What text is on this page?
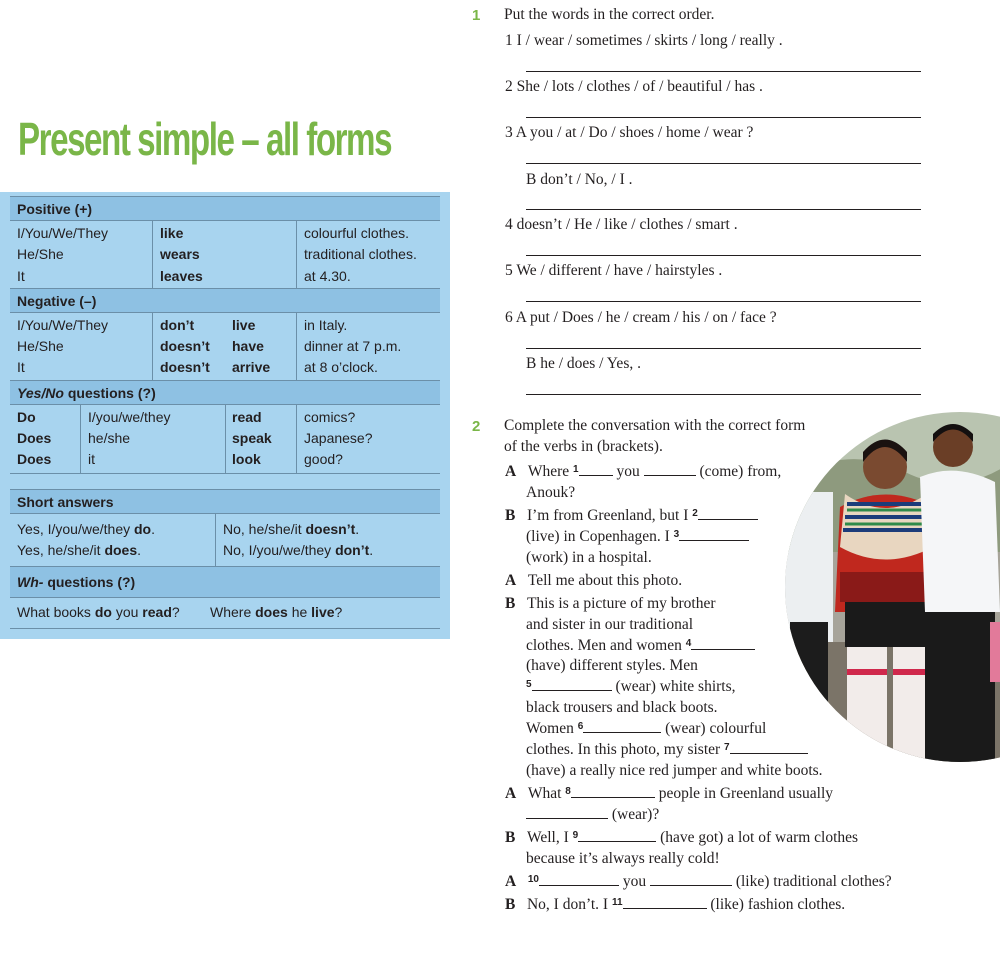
Present simple – all forms
Positive (+)
I/You/We/They	like	colourful clothes.
He/She	wears	traditional clothes.
It	leaves	at 4.30.
Negative (–)
I/You/We/They	don’t	live	in Italy.
He/She	doesn’t	have	dinner at 7 p.m.
It	doesn’t	arrive	at 8 o’clock.
Yes/No questions (?)
Do	I/you/we/they	read	comics?
Does	he/she	speak	Japanese?
Does	it	look	good?
Short answers
Yes, I/you/we/they do.	No, he/she/it doesn’t.
Yes, he/she/it does.	No, I/you/we/they don’t.
Wh- questions (?)
What books do you read?	Where does he live?
1 Put the words in the correct order.
1 I / wear / sometimes / skirts / long / really .
2 She / lots / clothes / of / beautiful / has .
3 A you / at / Do / shoes / home / wear ?
B don’t / No, / I .
4 doesn’t / He / like / clothes / smart .
5 We / different / have / hairstyles .
6 A put / Does / he / cream / his / on / face ?
B he / does / Yes, .
2 Complete the conversation with the correct form
of the verbs in (brackets).
A Where $^1$ you	(come) from,
Anouk?
B I’m from Greenland, but I $^2$
(live) in Copenhagen. I $^3$
(work) in a hospital.
A Tell me about this photo.
B This is a picture of my brother
and sister in our traditional
clothes. Men and women $^4$
(have) different styles. Men
$^5$	(wear) white shirts,
black trousers and black boots.
Women $^6$	(wear) colourful
clothes. In this photo, my sister $^7$
(have) a really nice red jumper and white boots.
A What $^8$	people in Greenland usually
(wear)?
B Well, I $^9$	(have got) a lot of warm clothes
because it’s always really cold!
A $^{10}$	you	(like) traditional clothes?
B No, I don’t. I $^{11}$	(like) fashion clothes.
